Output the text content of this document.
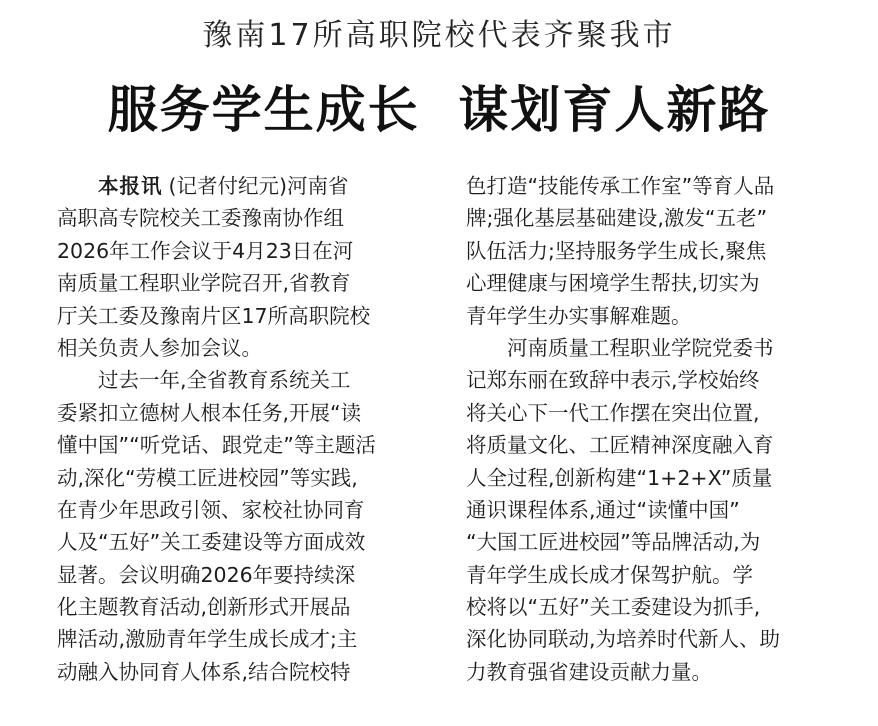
豫南17所高职院校代表齐聚我市
服务学生成长  谋划育人新路
本报讯 (记者付纪元)河南省
高职高专院校关工委豫南协作组
2026年工作会议于4月23日在河
南质量工程职业学院召开,省教育
厅关工委及豫南片区17所高职院校
相关负责人参加会议。
过去一年,全省教育系统关工
委紧扣立德树人根本任务,开展“读
懂中国”“听党话、跟党走”等主题活
动,深化“劳模工匠进校园”等实践,
在青少年思政引领、家校社协同育
人及“五好”关工委建设等方面成效
显著。会议明确2026年要持续深
化主题教育活动,创新形式开展品
牌活动,激励青年学生成长成才;主
动融入协同育人体系,结合院校特
色打造“技能传承工作室”等育人品
牌;强化基层基础建设,激发“五老”
队伍活力;坚持服务学生成长,聚焦
心理健康与困境学生帮扶,切实为
青年学生办实事解难题。
河南质量工程职业学院党委书
记郑东丽在致辞中表示,学校始终
将关心下一代工作摆在突出位置,
将质量文化、工匠精神深度融入育
人全过程,创新构建“1+2+X”质量
通识课程体系,通过“读懂中国”
“大国工匠进校园”等品牌活动,为
青年学生成长成才保驾护航。学
校将以“五好”关工委建设为抓手,
深化协同联动,为培养时代新人、助
力教育强省建设贡献力量。
